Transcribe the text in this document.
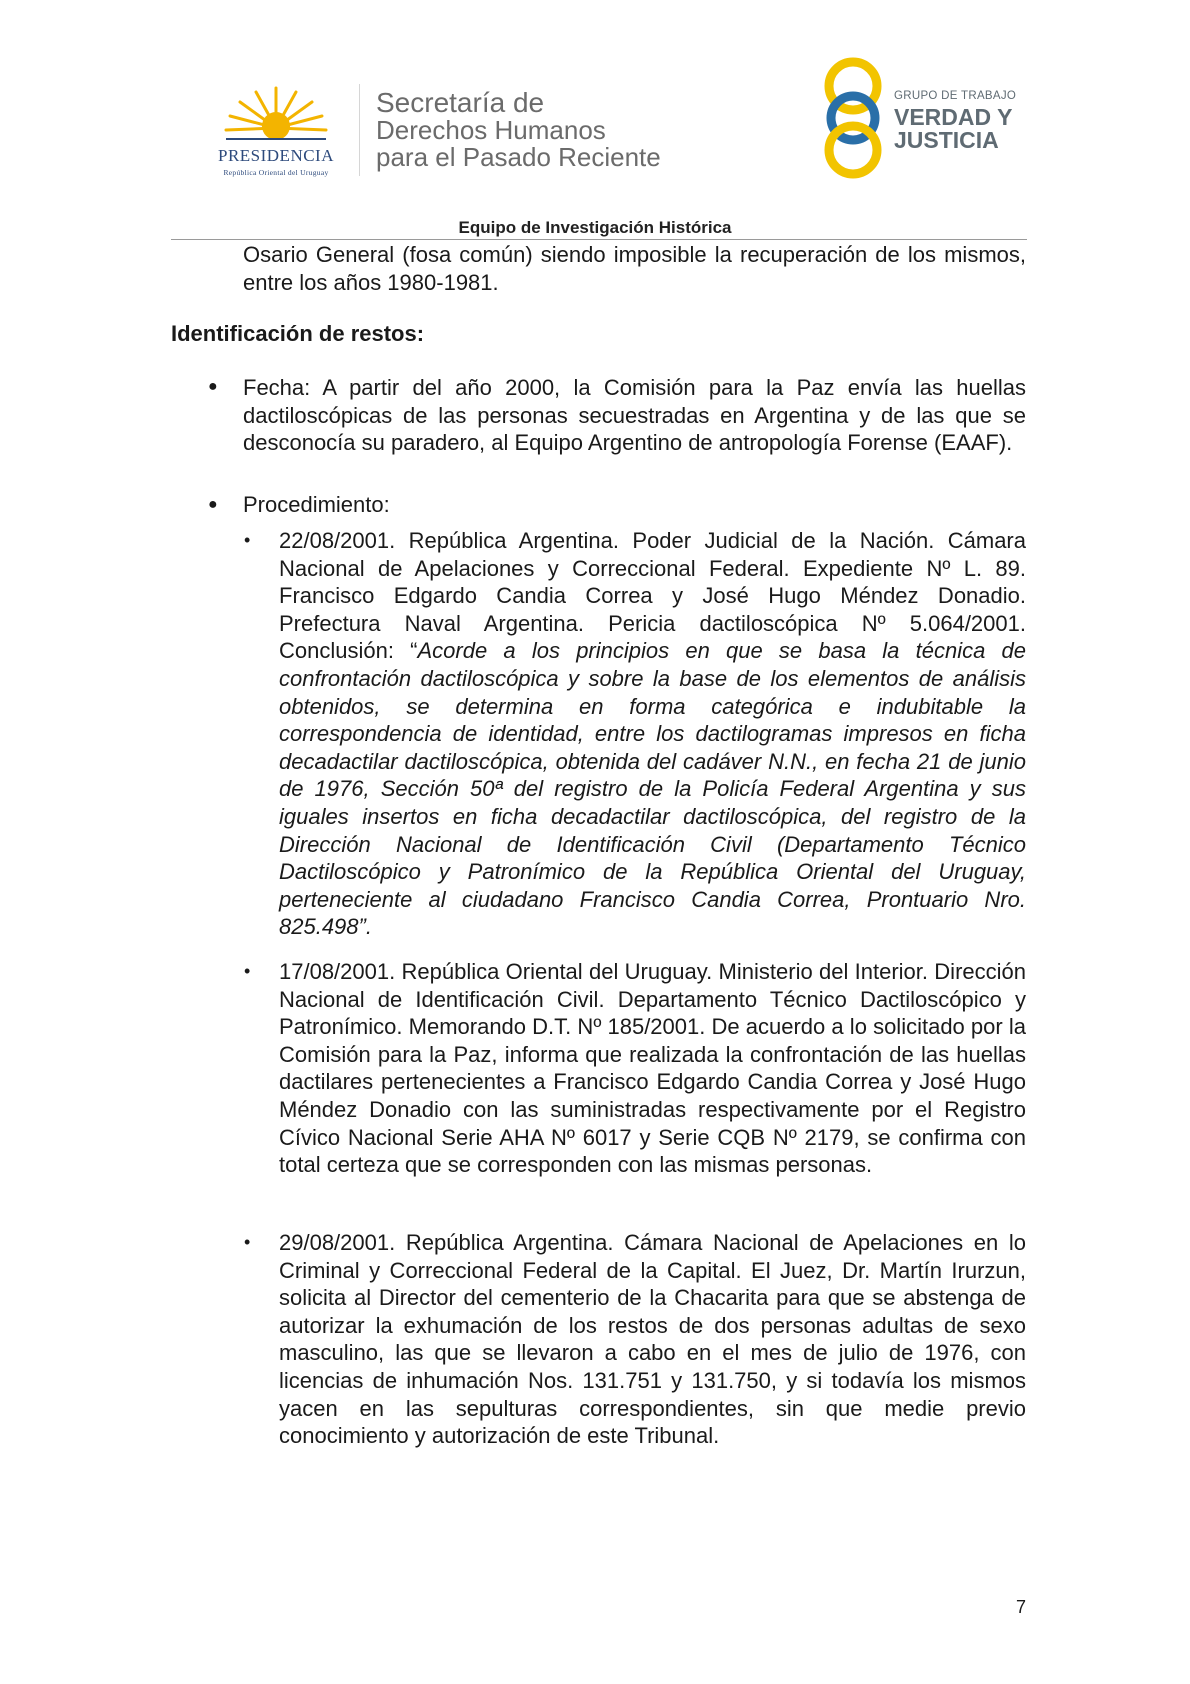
PRESIDENCIA
República Oriental del Uruguay
Secretaría de
Derechos Humanos
para el Pasado Reciente
GRUPO DE TRABAJO
VERDAD Y
JUSTICIA
Equipo de Investigación Histórica

Osario General (fosa común) siendo imposible la recuperación de los mismos, entre los años 1980-1981.

Identificación de restos:

● Fecha: A partir del año 2000, la Comisión para la Paz envía las huellas dactiloscópicas de las personas secuestradas en Argentina y de las que se desconocía su paradero, al Equipo Argentino de antropología Forense (EAAF).

● Procedimiento:

• 22/08/2001. República Argentina. Poder Judicial de la Nación. Cámara Nacional de Apelaciones y Correccional Federal. Expediente Nº L. 89. Francisco Edgardo Candia Correa y José Hugo Méndez Donadio. Prefectura Naval Argentina. Pericia dactiloscópica Nº 5.064/2001. Conclusión: “Acorde a los principios en que se basa la técnica de confrontación dactiloscópica y sobre la base de los elementos de análisis obtenidos, se determina en forma categórica e indubitable la correspondencia de identidad, entre los dactilogramas impresos en ficha decadactilar dactiloscópica, obtenida del cadáver N.N., en fecha 21 de junio de 1976, Sección 50ª del registro de la Policía Federal Argentina y sus iguales insertos en ficha decadactilar dactiloscópica, del registro de la Dirección Nacional de Identificación Civil (Departamento Técnico Dactiloscópico y Patronímico de la República Oriental del Uruguay, perteneciente al ciudadano Francisco Candia Correa, Prontuario Nro. 825.498”.

• 17/08/2001. República Oriental del Uruguay. Ministerio del Interior. Dirección Nacional de Identificación Civil. Departamento Técnico Dactiloscópico y Patronímico. Memorando D.T. Nº 185/2001. De acuerdo a lo solicitado por la Comisión para la Paz, informa que realizada la confrontación de las huellas dactilares pertenecientes a Francisco Edgardo Candia Correa y José Hugo Méndez Donadio con las suministradas respectivamente por el Registro Cívico Nacional Serie AHA Nº 6017 y Serie CQB Nº 2179, se confirma con total certeza que se corresponden con las mismas personas.

• 29/08/2001. República Argentina. Cámara Nacional de Apelaciones en lo Criminal y Correccional Federal de la Capital. El Juez, Dr. Martín Irurzun, solicita al Director del cementerio de la Chacarita para que se abstenga de autorizar la exhumación de los restos de dos personas adultas de sexo masculino, las que se llevaron a cabo en el mes de julio de 1976, con licencias de inhumación Nos. 131.751 y 131.750, y si todavía los mismos yacen en las sepulturas correspondientes, sin que medie previo conocimiento y autorización de este Tribunal.

7
